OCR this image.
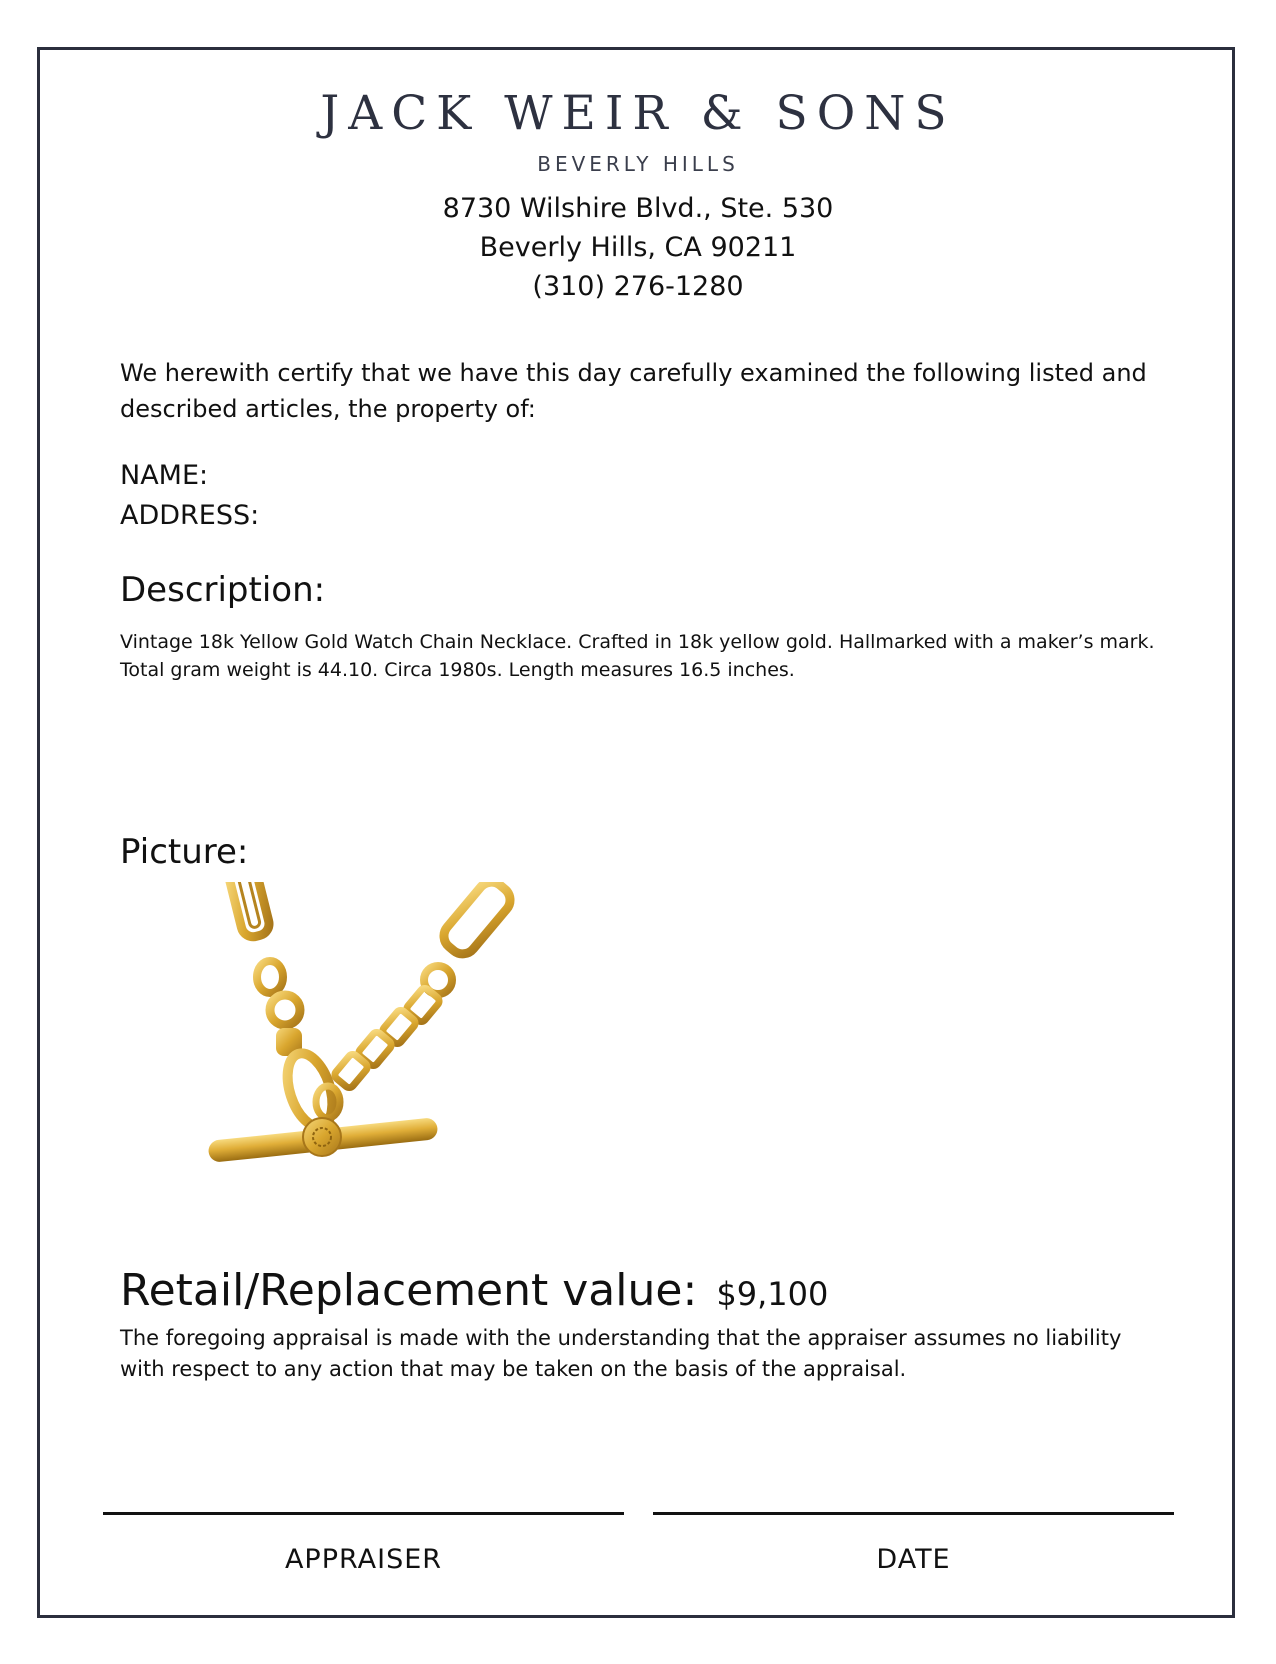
JACK WEIR & SONS
BEVERLY HILLS
8730 Wilshire Blvd., Ste. 530
Beverly Hills, CA 90211
(310) 276-1280
We herewith certify that we have this day carefully examined the following listed and described articles, the property of:
NAME:
ADDRESS:
Description:
Vintage 18k Yellow Gold Watch Chain Necklace. Crafted in 18k yellow gold. Hallmarked with a maker’s mark. Total gram weight is 44.10. Circa 1980s. Length measures 16.5 inches.
Picture:
Retail/Replacement value: $9,100
The foregoing appraisal is made with the understanding that the appraiser assumes no liability with respect to any action that may be taken on the basis of the appraisal.
APPRAISER	DATE
